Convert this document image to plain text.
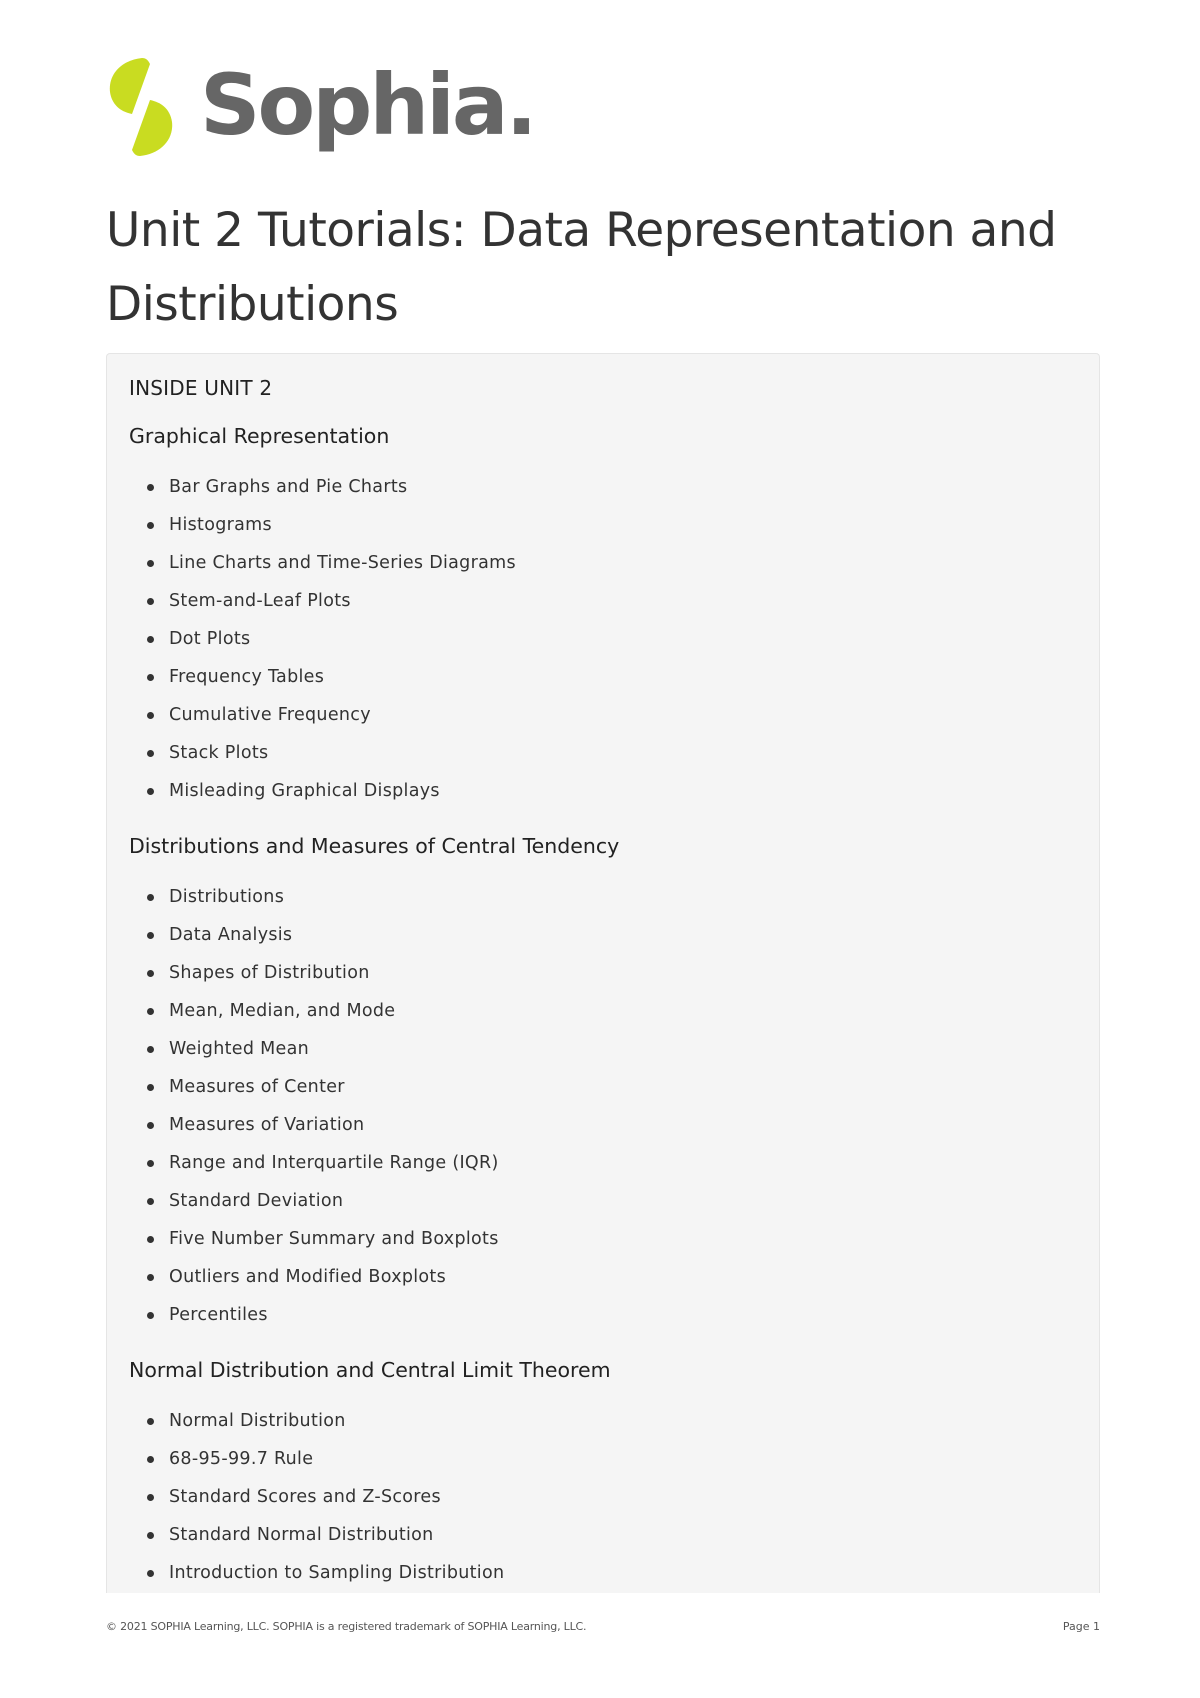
Sophia.
Unit 2 Tutorials: Data Representation and Distributions
INSIDE UNIT 2
Graphical Representation
Bar Graphs and Pie Charts
Histograms
Line Charts and Time-Series Diagrams
Stem-and-Leaf Plots
Dot Plots
Frequency Tables
Cumulative Frequency
Stack Plots
Misleading Graphical Displays
Distributions and Measures of Central Tendency
Distributions
Data Analysis
Shapes of Distribution
Mean, Median, and Mode
Weighted Mean
Measures of Center
Measures of Variation
Range and Interquartile Range (IQR)
Standard Deviation
Five Number Summary and Boxplots
Outliers and Modified Boxplots
Percentiles
Normal Distribution and Central Limit Theorem
Normal Distribution
68-95-99.7 Rule
Standard Scores and Z-Scores
Standard Normal Distribution
Introduction to Sampling Distribution
© 2021 SOPHIA Learning, LLC. SOPHIA is a registered trademark of SOPHIA Learning, LLC.	Page 1
